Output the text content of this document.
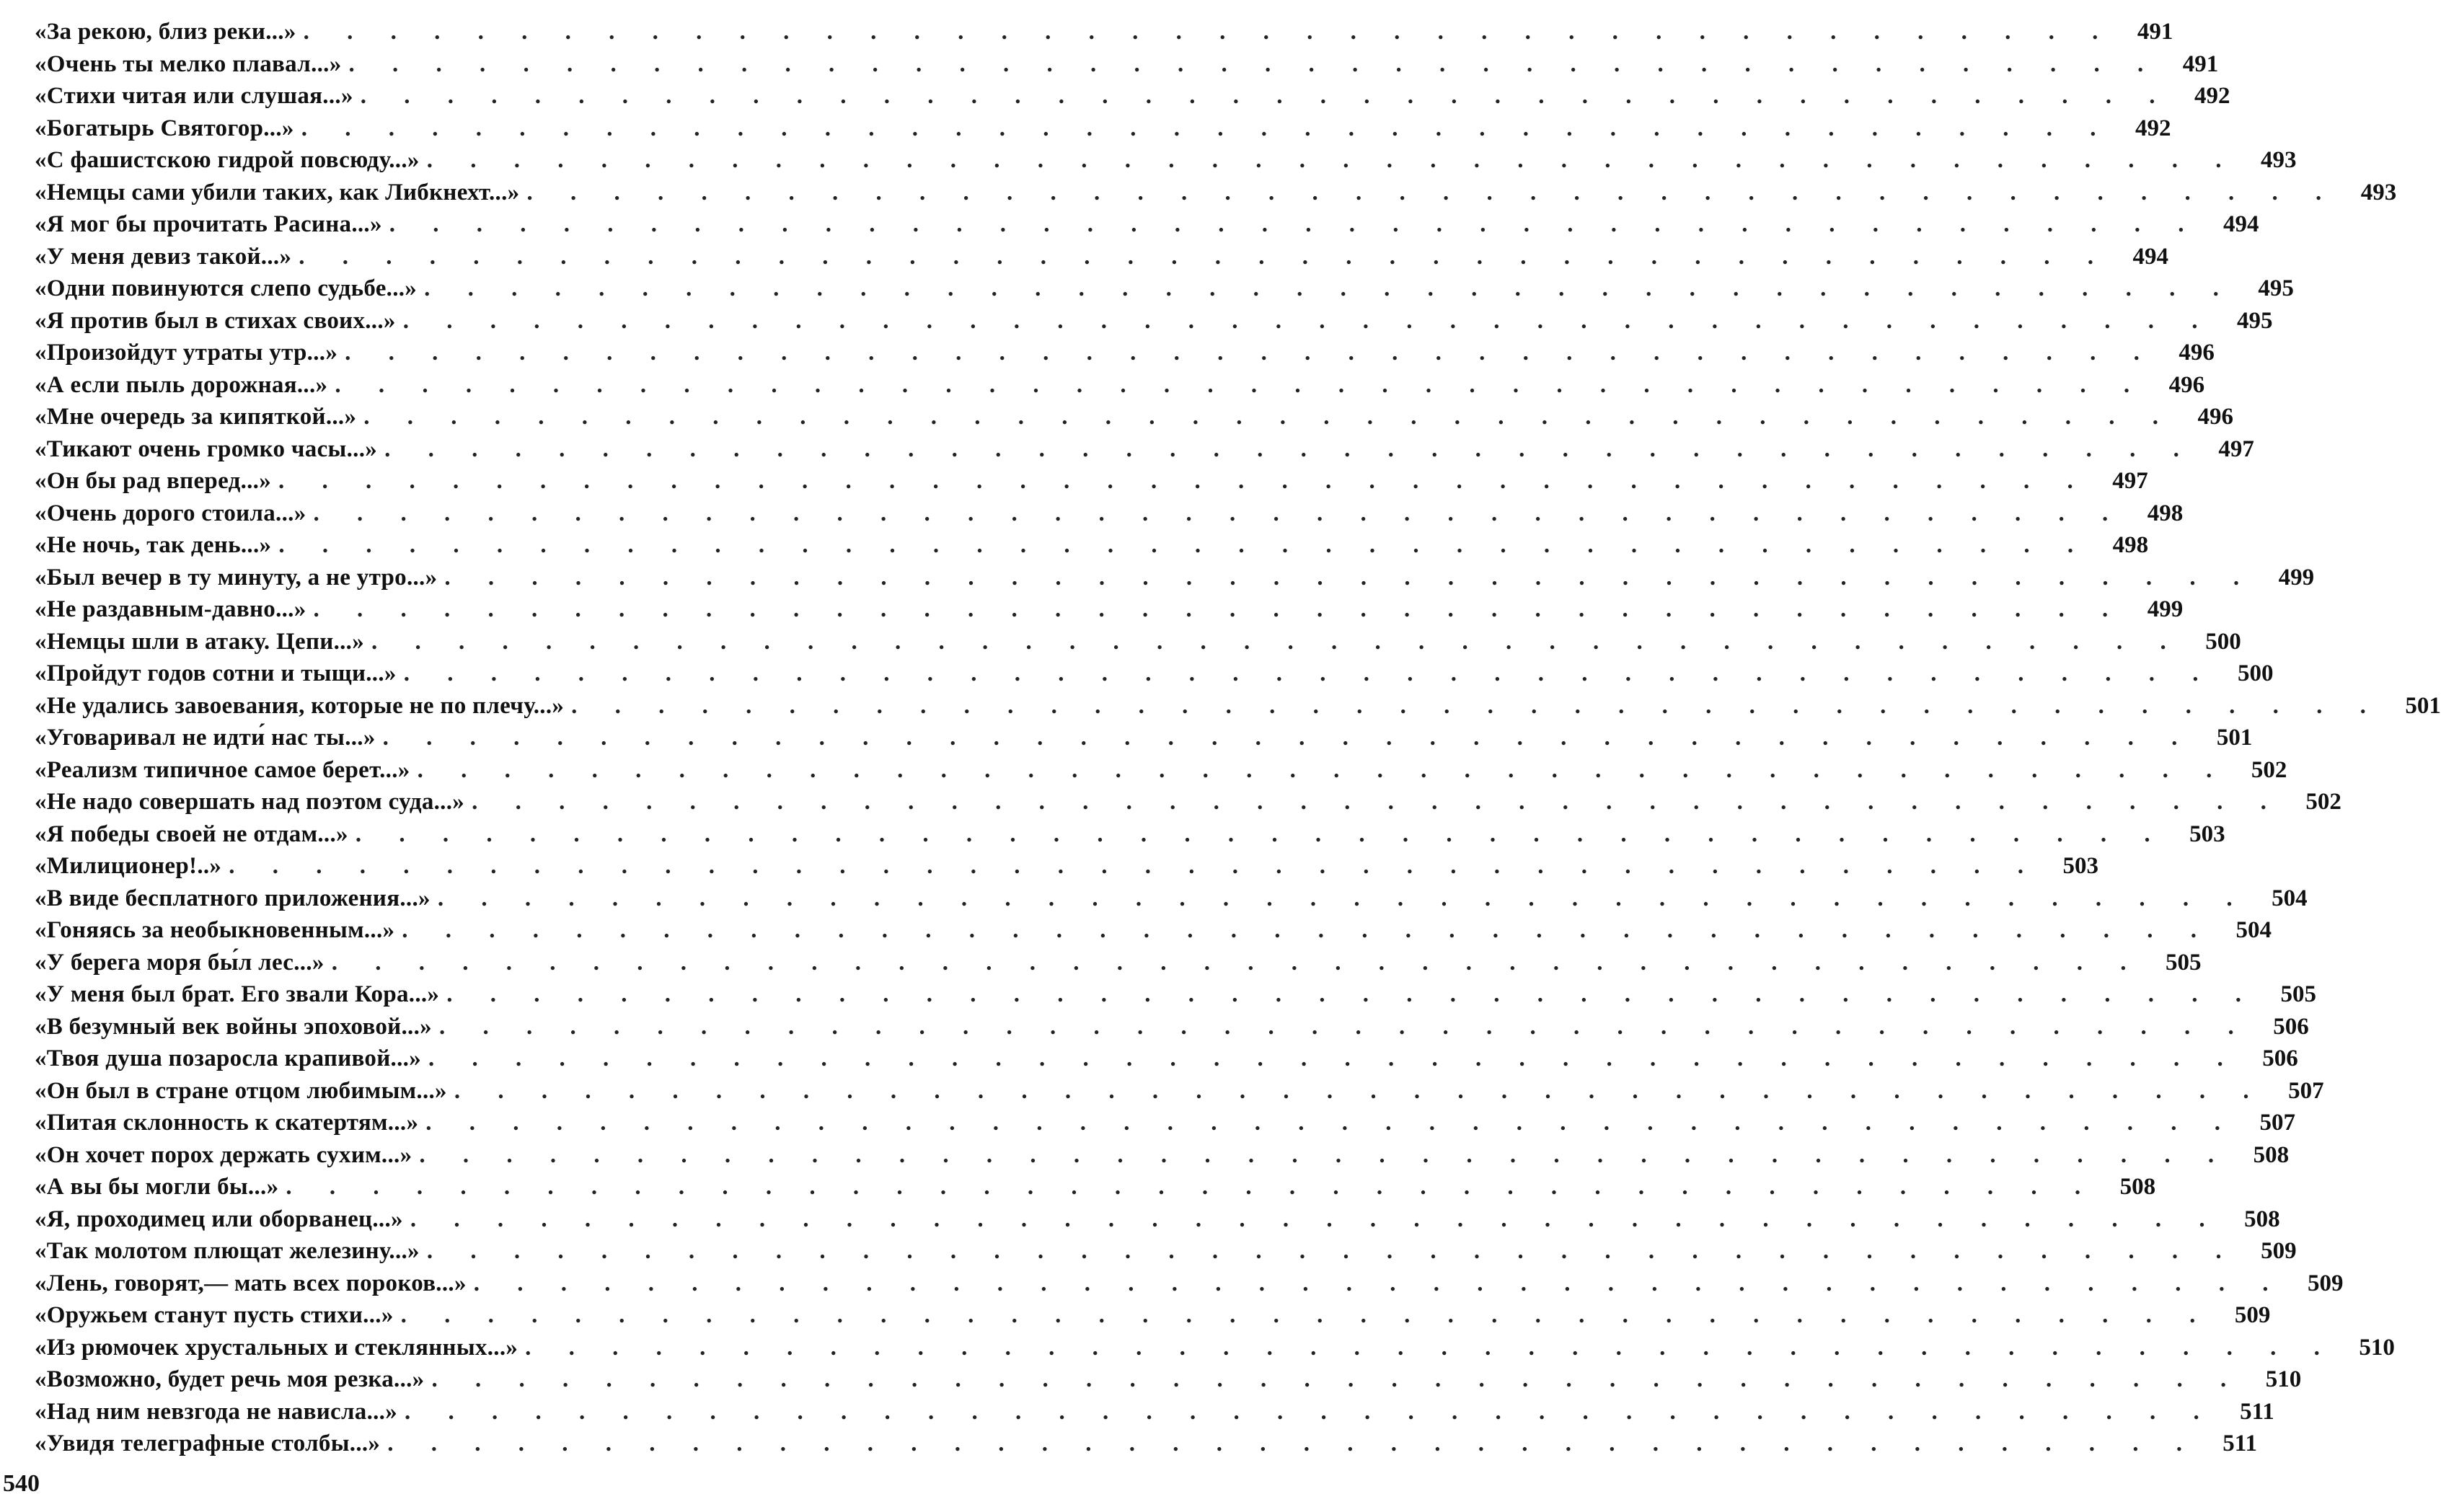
«За рекою, близ реки...» . . . . . . . . . . . . . . . . . . . . . . . . . . . . . . . . . . . . . . . . . . 491
«Очень ты мелко плавал...» . . . . . . . . . . . . . . . . . . . . . . . . . . . . . . . . . . . . . . . . . . 491
«Стихи читая или слушая...» . . . . . . . . . . . . . . . . . . . . . . . . . . . . . . . . . . . . . . . . . . 492
«Богатырь Святогор...» . . . . . . . . . . . . . . . . . . . . . . . . . . . . . . . . . . . . . . . . . . 492
«С фашистскою гидрой повсюду...» . . . . . . . . . . . . . . . . . . . . . . . . . . . . . . . . . . . . . . . . . . 493
«Немцы сами убили таких, как Либкнехт...» . . . . . . . . . . . . . . . . . . . . . . . . . . . . . . . . . . . . . . . . . . 493
«Я мог бы прочитать Расина...» . . . . . . . . . . . . . . . . . . . . . . . . . . . . . . . . . . . . . . . . . . 494
«У меня девиз такой...» . . . . . . . . . . . . . . . . . . . . . . . . . . . . . . . . . . . . . . . . . . 494
«Одни повинуются слепо судьбе...» . . . . . . . . . . . . . . . . . . . . . . . . . . . . . . . . . . . . . . . . . . 495
«Я против был в стихах своих...» . . . . . . . . . . . . . . . . . . . . . . . . . . . . . . . . . . . . . . . . . . 495
«Произойдут утраты утр...» . . . . . . . . . . . . . . . . . . . . . . . . . . . . . . . . . . . . . . . . . . 496
«А если пыль дорожная...» . . . . . . . . . . . . . . . . . . . . . . . . . . . . . . . . . . . . . . . . . . 496
«Мне очередь за кипяткой...» . . . . . . . . . . . . . . . . . . . . . . . . . . . . . . . . . . . . . . . . . . 496
«Тикают очень громко часы...» . . . . . . . . . . . . . . . . . . . . . . . . . . . . . . . . . . . . . . . . . . 497
«Он бы рад вперед...» . . . . . . . . . . . . . . . . . . . . . . . . . . . . . . . . . . . . . . . . . . 497
«Очень дорого стоила...» . . . . . . . . . . . . . . . . . . . . . . . . . . . . . . . . . . . . . . . . . . 498
«Не ночь, так день...» . . . . . . . . . . . . . . . . . . . . . . . . . . . . . . . . . . . . . . . . . . 498
«Был вечер в ту минуту, а не утро...» . . . . . . . . . . . . . . . . . . . . . . . . . . . . . . . . . . . . . . . . . . 499
«Не раздавным-давно...» . . . . . . . . . . . . . . . . . . . . . . . . . . . . . . . . . . . . . . . . . . 499
«Немцы шли в атаку. Цепи...» . . . . . . . . . . . . . . . . . . . . . . . . . . . . . . . . . . . . . . . . . . 500
«Пройдут годов сотни и тыщи...» . . . . . . . . . . . . . . . . . . . . . . . . . . . . . . . . . . . . . . . . . . 500
«Не удались завоевания, которые не по плечу...» . . . . . . . . . . . . . . . . . . . . . . . . . . . . . . . . . . . . . . . . . . 501
«Уговаривал не идти́ нас ты...» . . . . . . . . . . . . . . . . . . . . . . . . . . . . . . . . . . . . . . . . . . 501
«Реализм типичное самое берет...» . . . . . . . . . . . . . . . . . . . . . . . . . . . . . . . . . . . . . . . . . . 502
«Не надо совершать над поэтом суда...» . . . . . . . . . . . . . . . . . . . . . . . . . . . . . . . . . . . . . . . . . . 502
«Я победы своей не отдам...» . . . . . . . . . . . . . . . . . . . . . . . . . . . . . . . . . . . . . . . . . . 503
«Милиционер!..» . . . . . . . . . . . . . . . . . . . . . . . . . . . . . . . . . . . . . . . . . . 503
«В виде бесплатного приложения...» . . . . . . . . . . . . . . . . . . . . . . . . . . . . . . . . . . . . . . . . . . 504
«Гоняясь за необыкновенным...» . . . . . . . . . . . . . . . . . . . . . . . . . . . . . . . . . . . . . . . . . . 504
«У берега моря бы́л лес...» . . . . . . . . . . . . . . . . . . . . . . . . . . . . . . . . . . . . . . . . . . 505
«У меня был брат. Его звали Кора...» . . . . . . . . . . . . . . . . . . . . . . . . . . . . . . . . . . . . . . . . . . 505
«В безумный век войны эпоховой...» . . . . . . . . . . . . . . . . . . . . . . . . . . . . . . . . . . . . . . . . . . 506
«Твоя душа позаросла крапивой...» . . . . . . . . . . . . . . . . . . . . . . . . . . . . . . . . . . . . . . . . . . 506
«Он был в стране отцом любимым...» . . . . . . . . . . . . . . . . . . . . . . . . . . . . . . . . . . . . . . . . . . 507
«Питая склонность к скатертям...» . . . . . . . . . . . . . . . . . . . . . . . . . . . . . . . . . . . . . . . . . . 507
«Он хочет порох держать сухим...» . . . . . . . . . . . . . . . . . . . . . . . . . . . . . . . . . . . . . . . . . . 508
«А вы бы могли бы...» . . . . . . . . . . . . . . . . . . . . . . . . . . . . . . . . . . . . . . . . . . 508
«Я, проходимец или оборванец...» . . . . . . . . . . . . . . . . . . . . . . . . . . . . . . . . . . . . . . . . . . 508
«Так молотом плющат железину...» . . . . . . . . . . . . . . . . . . . . . . . . . . . . . . . . . . . . . . . . . . 509
«Лень, говорят,— мать всех пороков...» . . . . . . . . . . . . . . . . . . . . . . . . . . . . . . . . . . . . . . . . . . 509
«Оружьем станут пусть стихи...» . . . . . . . . . . . . . . . . . . . . . . . . . . . . . . . . . . . . . . . . . . 509
«Из рюмочек хрустальных и стеклянных...» . . . . . . . . . . . . . . . . . . . . . . . . . . . . . . . . . . . . . . . . . . 510
«Возможно, будет речь моя резка...» . . . . . . . . . . . . . . . . . . . . . . . . . . . . . . . . . . . . . . . . . . 510
«Над ним невзгода не нависла...» . . . . . . . . . . . . . . . . . . . . . . . . . . . . . . . . . . . . . . . . . .	511
«Увидя телеграфные столбы...» . . . . . . . . . . . . . . . . . . . . . . . . . . . . . . . . . . . . . . . . . .	511
540
